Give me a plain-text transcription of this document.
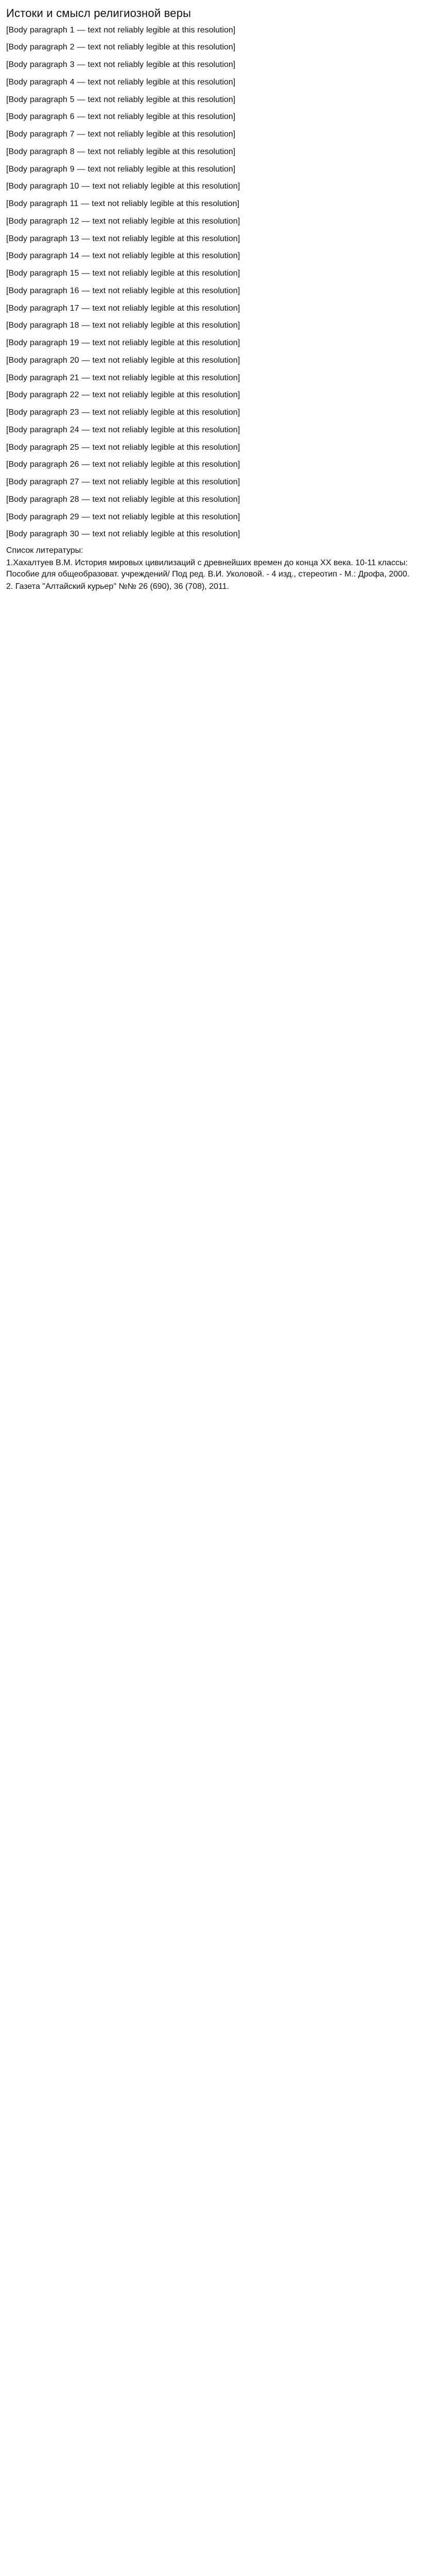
Истоки и смысл религиозной веры

[Body paragraph 1 — text not reliably legible at this resolution]

[Body paragraph 2 — text not reliably legible at this resolution]

[Body paragraph 3 — text not reliably legible at this resolution]

[Body paragraph 4 — text not reliably legible at this resolution]

[Body paragraph 5 — text not reliably legible at this resolution]

[Body paragraph 6 — text not reliably legible at this resolution]

[Body paragraph 7 — text not reliably legible at this resolution]

[Body paragraph 8 — text not reliably legible at this resolution]

[Body paragraph 9 — text not reliably legible at this resolution]

[Body paragraph 10 — text not reliably legible at this resolution]

[Body paragraph 11 — text not reliably legible at this resolution]

[Body paragraph 12 — text not reliably legible at this resolution]

[Body paragraph 13 — text not reliably legible at this resolution]

[Body paragraph 14 — text not reliably legible at this resolution]

[Body paragraph 15 — text not reliably legible at this resolution]

[Body paragraph 16 — text not reliably legible at this resolution]

[Body paragraph 17 — text not reliably legible at this resolution]

[Body paragraph 18 — text not reliably legible at this resolution]

[Body paragraph 19 — text not reliably legible at this resolution]

[Body paragraph 20 — text not reliably legible at this resolution]

[Body paragraph 21 — text not reliably legible at this resolution]

[Body paragraph 22 — text not reliably legible at this resolution]

[Body paragraph 23 — text not reliably legible at this resolution]

[Body paragraph 24 — text not reliably legible at this resolution]

[Body paragraph 25 — text not reliably legible at this resolution]

[Body paragraph 26 — text not reliably legible at this resolution]

[Body paragraph 27 — text not reliably legible at this resolution]

[Body paragraph 28 — text not reliably legible at this resolution]

[Body paragraph 29 — text not reliably legible at this resolution]

[Body paragraph 30 — text not reliably legible at this resolution]

Список литературы:
1.Хахалтуев В.М. История мировых цивилизаций с древнейших времен до конца XX века. 10-11 классы: Пособие для общеобразоват. учреждений/ Под ред. В.И. Уколовой. - 4 изд., стереотип - М.: Дрофа, 2000.
2. Газета "Алтайский курьер" №№ 26 (690), 36 (708), 2011.
